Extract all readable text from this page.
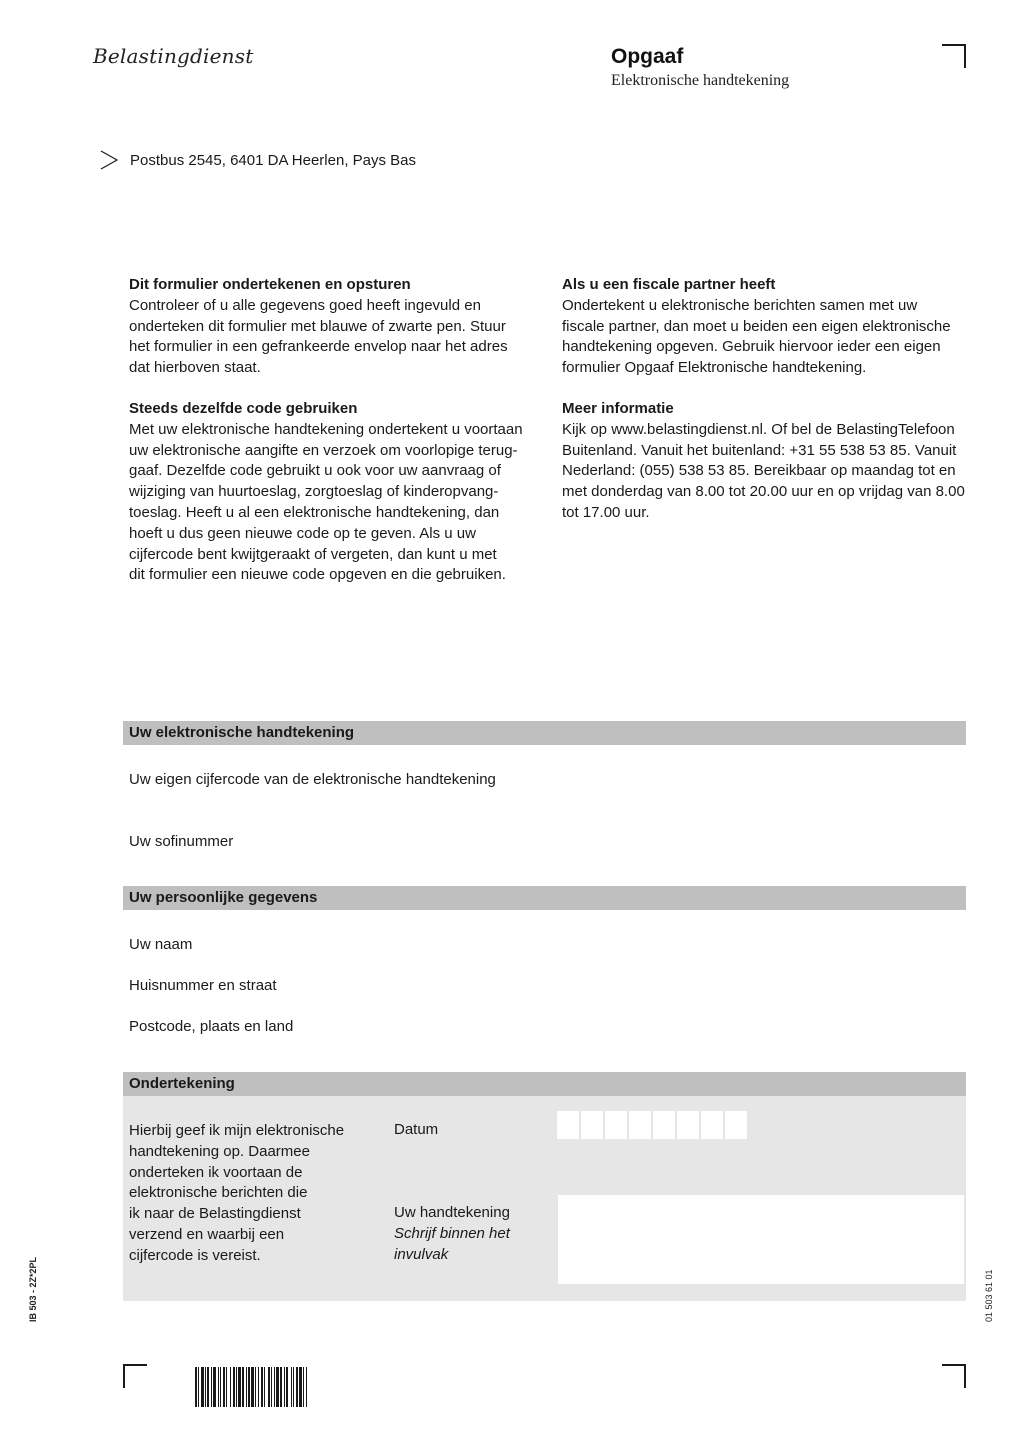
Belastingdienst	Opgaaf
Elektronische handtekening
Postbus 2545, 6401 DA Heerlen, Pays Bas
Dit formulier ondertekenen en opsturen

Controleer of u alle gegevens goed heeft ingevuld en

onderteken dit formulier met blauwe of zwarte pen. Stuur

het formulier in een gefrankeerde envelop naar het adres

dat hierboven staat.

Steeds dezelfde code gebruiken

Met uw elektronische handtekening ondertekent u voortaan

uw elektronische aangifte en verzoek om voorlopige terug-

gaaf. Dezelfde code gebruikt u ook voor uw aanvraag of

wijziging van huurtoeslag, zorgtoeslag of kinderopvang-

toeslag. Heeft u al een elektronische handtekening, dan

hoeft u dus geen nieuwe code op te geven. Als u uw

cijfercode bent kwijtgeraakt of vergeten, dan kunt u met

dit formulier een nieuwe code opgeven en die gebruiken.

Als u een fiscale partner heeft

Ondertekent u elektronische berichten samen met uw

fiscale partner, dan moet u beiden een eigen elektronische

handtekening opgeven. Gebruik hiervoor ieder een eigen

formulier Opgaaf Elektronische handtekening.

Meer informatie

Kijk op www.belastingdienst.nl. Of bel de BelastingTelefoon

Buitenland. Vanuit het buitenland: +31 55 538 53 85. Vanuit

Nederland: (055) 538 53 85. Bereikbaar op maandag tot en

met donderdag van 8.00 tot 20.00 uur en op vrijdag van 8.00

tot 17.00 uur.

Uw elektronische handtekening
Uw eigen cijfercode van de elektronische handtekening
Uw sofinummer
Uw persoonlijke gegevens
Uw naam
Huisnummer en straat
Postcode, plaats en land
Ondertekening
Hierbij geef ik mijn elektronische
handtekening op. Daarmee
onderteken ik voortaan de
elektronische berichten die
ik naar de Belastingdienst
verzend en waarbij een
cijfercode is vereist.
Datum
Uw handtekening
Schrijf binnen het
invulvak
IB 503 - 2Z*2PL	01 503 61 01
